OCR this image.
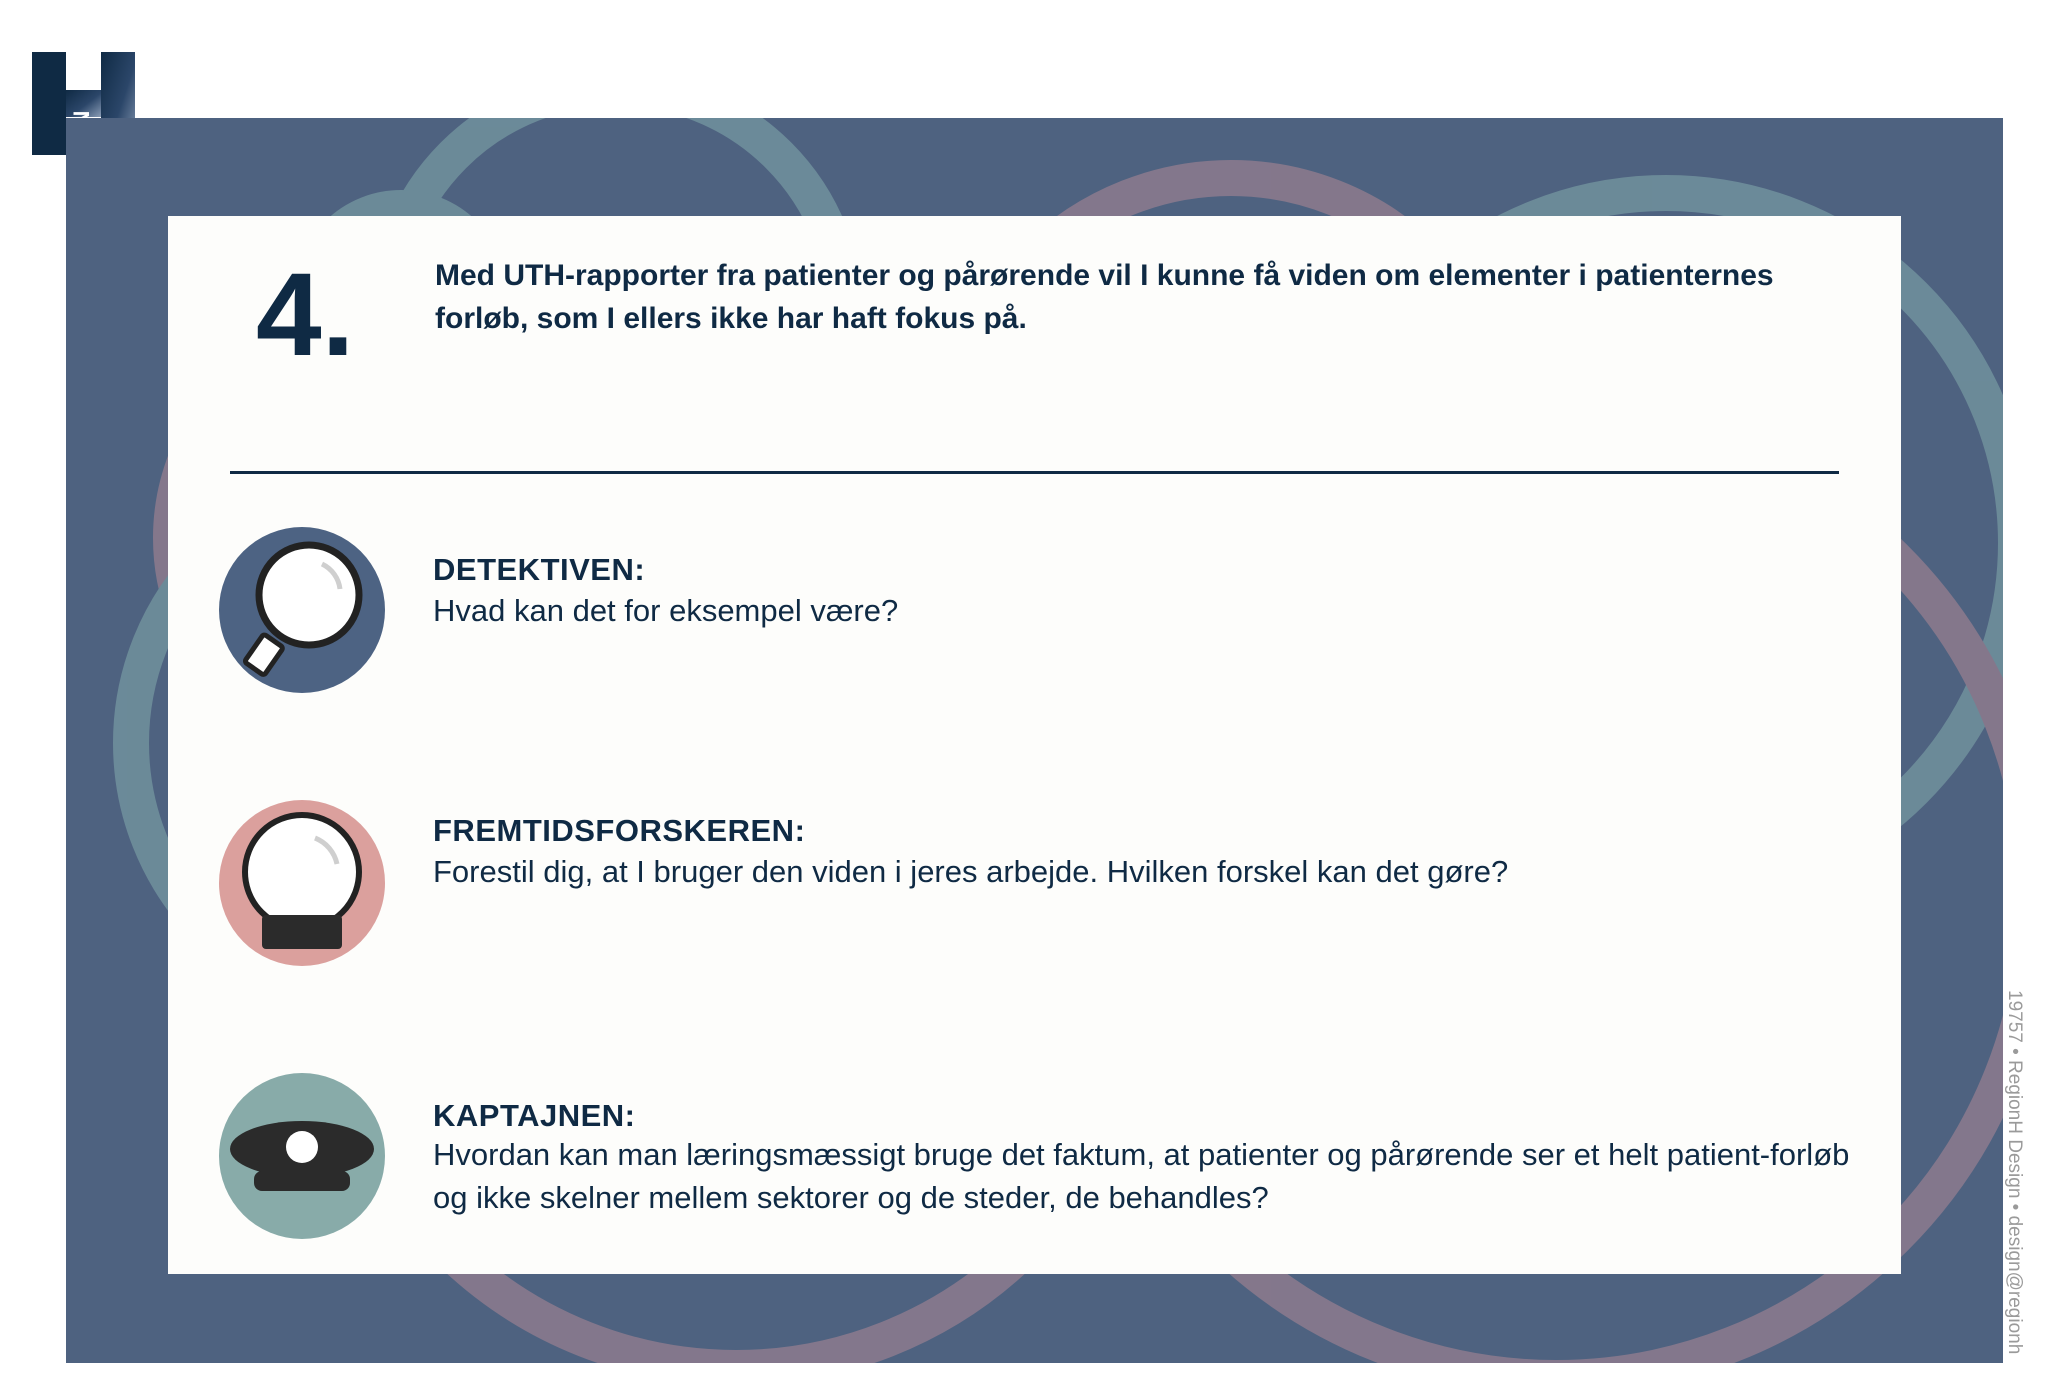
4.	Med UTH-rapporter fra patienter og pårørende vil I kunne få viden om elementer i patienternes forløb, som I ellers ikke har haft fokus på.
DETEKTIVEN:
Hvad kan det for eksempel være?
FREMTIDSFORSKEREN:
Forestil dig, at I bruger den viden i jeres arbejde. Hvilken forskel kan det gøre?
KAPTAJNEN:
Hvordan kan man læringsmæssigt bruge det faktum, at patienter og pårørende ser et helt patient-forløb og ikke skelner mellem sektorer og de steder, de behandles?	19757 • RegionH Design • design@regionh
